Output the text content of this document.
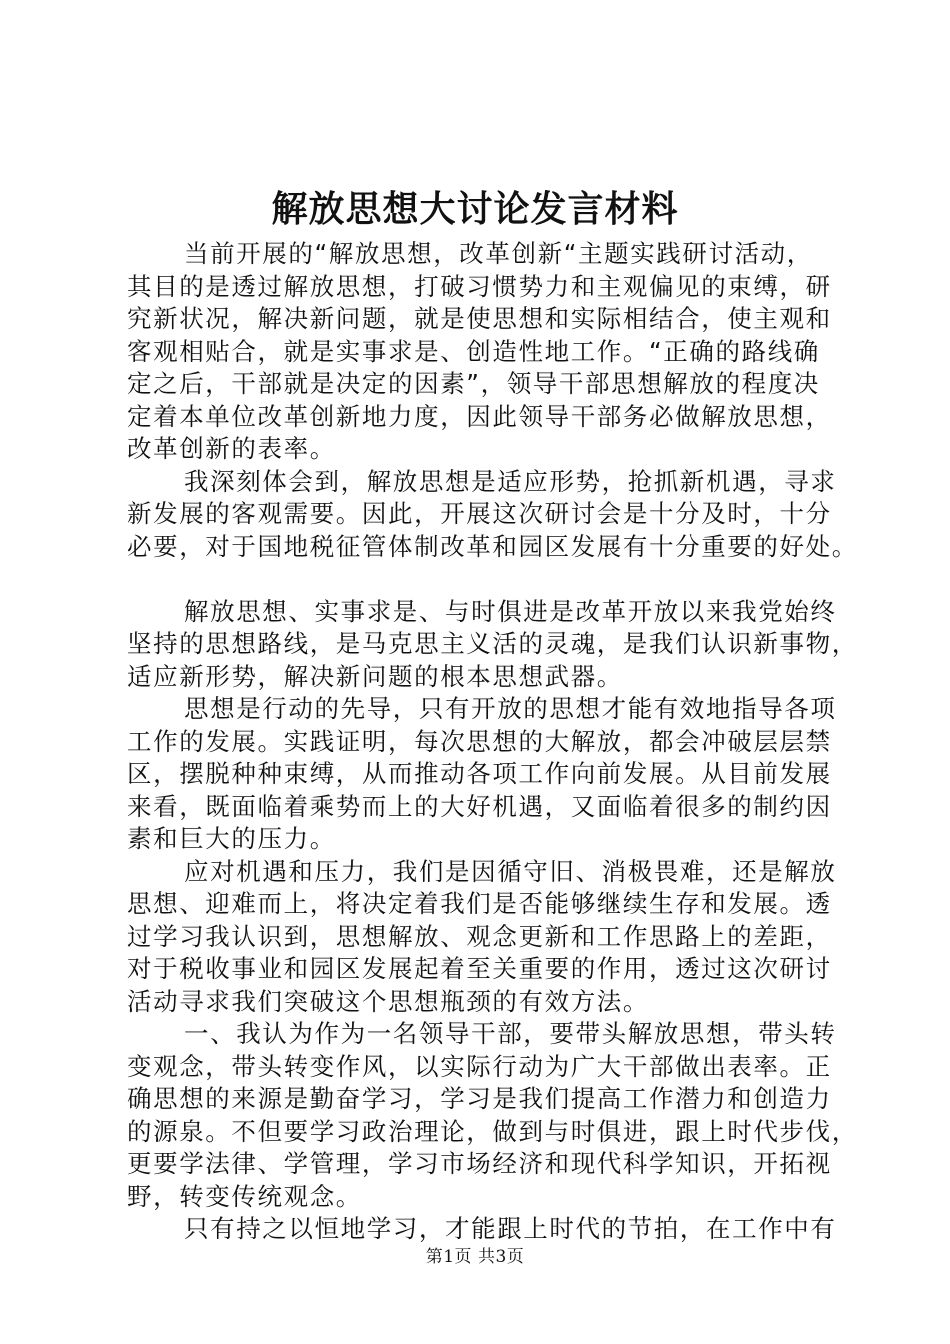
解放思想大讨论发言材料
当前开展的“解放思想，改革创新“主题实践研讨活动，
其目的是透过解放思想，打破习惯势力和主观偏见的束缚，研
究新状况，解决新问题，就是使思想和实际相结合，使主观和
客观相贴合，就是实事求是、创造性地工作。“正确的路线确
定之后，干部就是决定的因素”，领导干部思想解放的程度决
定着本单位改革创新地力度，因此领导干部务必做解放思想，
改革创新的表率。
我深刻体会到，解放思想是适应形势，抢抓新机遇，寻求
新发展的客观需要。因此，开展这次研讨会是十分及时，十分
必要，对于国地税征管体制改革和园区发展有十分重要的好处。
解放思想、实事求是、与时俱进是改革开放以来我党始终
坚持的思想路线，是马克思主义活的灵魂，是我们认识新事物，
适应新形势，解决新问题的根本思想武器。
思想是行动的先导，只有开放的思想才能有效地指导各项
工作的发展。实践证明，每次思想的大解放，都会冲破层层禁
区，摆脱种种束缚，从而推动各项工作向前发展。从目前发展
来看，既面临着乘势而上的大好机遇，又面临着很多的制约因
素和巨大的压力。
应对机遇和压力，我们是因循守旧、消极畏难，还是解放
思想、迎难而上，将决定着我们是否能够继续生存和发展。透
过学习我认识到，思想解放、观念更新和工作思路上的差距，
对于税收事业和园区发展起着至关重要的作用，透过这次研讨
活动寻求我们突破这个思想瓶颈的有效方法。
一、我认为作为一名领导干部，要带头解放思想，带头转
变观念，带头转变作风，以实际行动为广大干部做出表率。正
确思想的来源是勤奋学习，学习是我们提高工作潜力和创造力
的源泉。不但要学习政治理论，做到与时俱进，跟上时代步伐，
更要学法律、学管理，学习市场经济和现代科学知识，开拓视
野，转变传统观念。
只有持之以恒地学习，才能跟上时代的节拍，在工作中有
第1页 共3页
